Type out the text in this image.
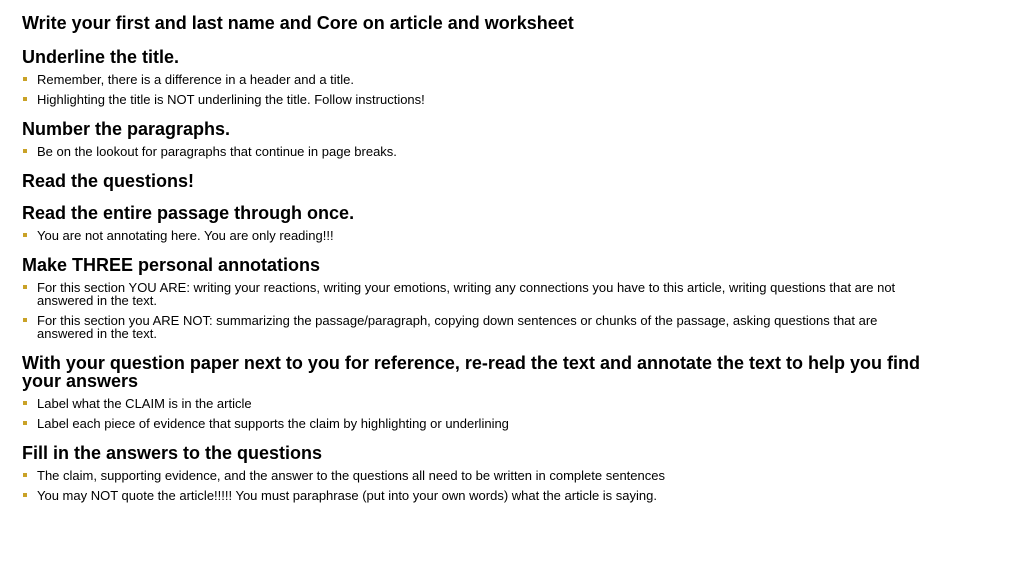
Write your first and last name and Core on article and worksheet
Underline the title.
Remember, there is a difference in a header and a title.
Highlighting the title is NOT underlining the title. Follow instructions!
Number the paragraphs.
Be on the lookout for paragraphs that continue in page breaks.
Read the questions!
Read the entire passage through once.
You are not annotating here. You are only reading!!!
Make THREE personal annotations
For this section YOU ARE: writing your reactions, writing your emotions, writing any connections you have to this article, writing questions that are not answered in the text.
For this section you ARE NOT: summarizing the passage/paragraph, copying down sentences or chunks of the passage, asking questions that are answered in the text.
With your question paper next to you for reference, re-read the text and annotate the text to help you find your answers
Label what the CLAIM is in the article
Label each piece of evidence that supports the claim by highlighting or underlining
Fill in the answers to the questions
The claim, supporting evidence, and the answer to the questions all need to be written in complete sentences
You may NOT quote the article!!!!! You must paraphrase (put into your own words) what the article is saying.
